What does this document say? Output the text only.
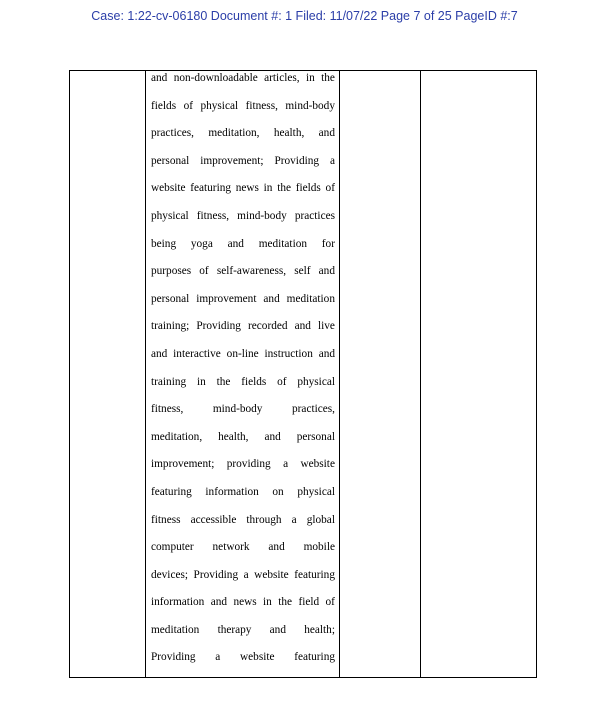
Case: 1:22-cv-06180 Document #: 1 Filed: 11/07/22 Page 7 of 25 PageID #:7
and non-downloadable articles, in the
fields of physical fitness, mind-body
practices, meditation, health, and
personal improvement; Providing a
website featuring news in the fields of
physical fitness, mind-body practices
being yoga and meditation for
purposes of self-awareness, self and
personal improvement and meditation
training; Providing recorded and live
and interactive on-line instruction and
training in the fields of physical
fitness,	mind-body	practices,
meditation, health, and personal
improvement; providing a website
featuring information on physical
fitness accessible through a global
computer network and mobile
devices; Providing a website featuring
information and news in the field of
meditation therapy and health;
Providing a website featuring
